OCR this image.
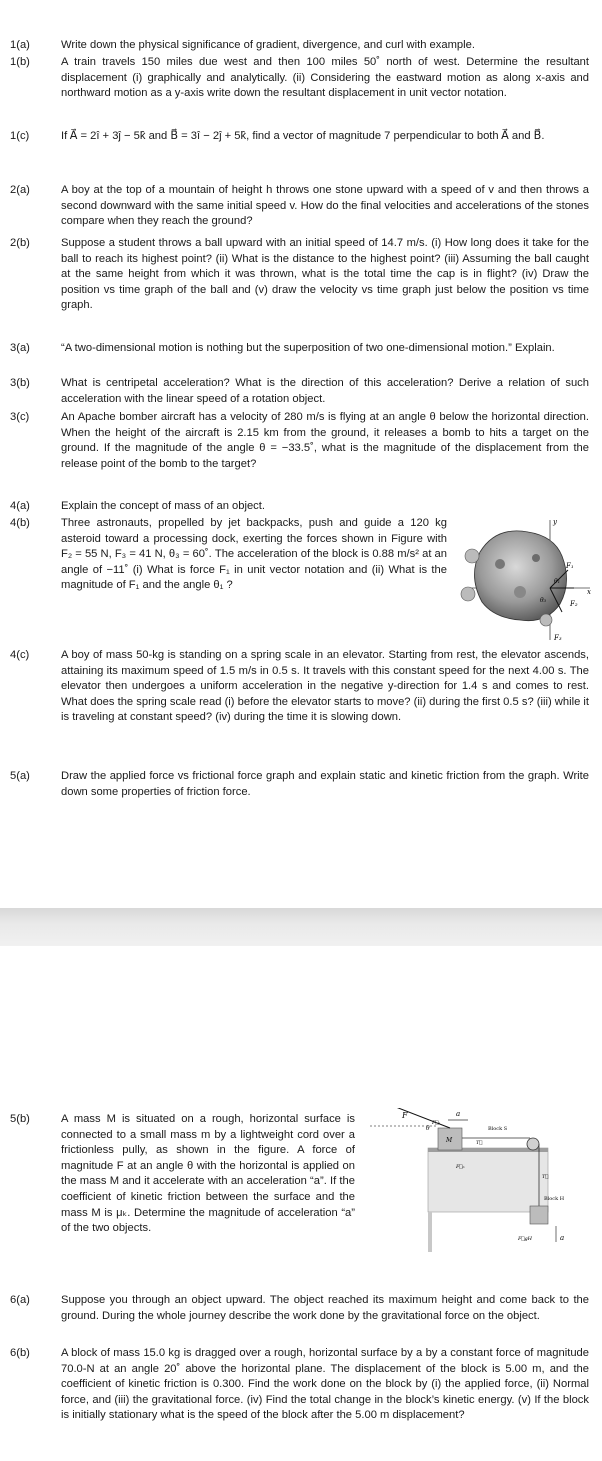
1(a)	Write down the physical significance of gradient, divergence, and curl with example.
1(b)	A train travels 150 miles due west and then 100 miles 50˚ north of west. Determine the resultant displacement (i) graphically and analytically. (ii) Considering the eastward motion as along x-axis and northward motion as a y-axis write down the resultant displacement in unit vector notation.
1(c)	If A⃗ = 2î + 3ĵ − 5k̂ and B⃗ = 3î − 2ĵ + 5k̂, find a vector of magnitude 7 perpendicular to both A⃗ and B⃗.
2(a)	A boy at the top of a mountain of height h throws one stone upward with a speed of v and then throws a second downward with the same initial speed v. How do the final velocities and accelerations of the stones compare when they reach the ground?
2(b)	Suppose a student throws a ball upward with an initial speed of 14.7 m/s. (i) How long does it take for the ball to reach its highest point? (ii) What is the distance to the highest point? (iii) Assuming the ball caught at the same height from which it was thrown, what is the total time the cap is in flight? (iv) Draw the position vs time graph of the ball and (v) draw the velocity vs time graph just below the position vs time graph.
3(a)	“A two-dimensional motion is nothing but the superposition of two one-dimensional motion.” Explain.
3(b)	What is centripetal acceleration? What is the direction of this acceleration? Derive a relation of such acceleration with the linear speed of a rotation object.
3(c)	An Apache bomber aircraft has a velocity of 280 m/s is flying at an angle θ below the horizontal direction. When the height of the aircraft is 2.15 km from the ground, it releases a bomb to hits a target on the ground. If the magnitude of the angle θ = −33.5˚, what is the magnitude of the displacement from the release point of the bomb to the target?
4(a)	Explain the concept of mass of an object.
4(b)	Three astronauts, propelled by jet backpacks, push and guide a 120 kg asteroid toward a processing dock, exerting the forces shown in Figure with F₂ = 55 N, F₃ = 41 N, θ₃ = 60˚. The acceleration of the block is 0.88 m/s² at an angle of −11˚ (i) What is force F₁ in unit vector notation and (ii) What is the magnitude of F₁ and the angle θ₁ ?
y
x
F₁
F₂
F₃
θ₁
θ₃
4(c)	A boy of mass 50-kg is standing on a spring scale in an elevator. Starting from rest, the elevator ascends, attaining its maximum speed of 1.5 m/s in 0.5 s. It travels with this constant speed for the next 4.00 s. The elevator then undergoes a uniform acceleration in the negative y-direction for 1.4 s and comes to rest. What does the spring scale read (i) before the elevator starts to move? (ii) during the first 0.5 s? (iii) while it is traveling at constant speed? (iv) during the time it is slowing down.
5(a)	Draw the applied force vs frictional force graph and explain static and kinetic friction from the graph. Write down some properties of friction force.
5(b)	A mass M is situated on a rough, horizontal surface is connected to a small mass m by a lightweight cord over a frictionless pully, as shown in the figure. A force of magnitude F at an angle θ with the horizontal is applied on the mass M and it accelerate with an acceleration “a”. If the coefficient of kinetic friction between the surface and the mass M is μₖ. Determine the magnitude of acceleration “a” of the two objects.
F	a
a
M
θ	Block S
Block H
T⃗
T⃗
F⃗ₛ
F⃗ₙ
F⃗gH
6(a)	Suppose you through an object upward. The object reached its maximum height and come back to the ground. During the whole journey describe the work done by the gravitational force on the object.
6(b)	A block of mass 15.0 kg is dragged over a rough, horizontal surface by a by a constant force of magnitude 70.0-N at an angle 20˚ above the horizontal plane. The displacement of the block is 5.00 m, and the coefficient of kinetic friction is 0.300. Find the work done on the block by (i) the applied force, (ii) Normal force, and (iii) the gravitational force. (iv) Find the total change in the block’s kinetic energy. (v) If the block is initially stationary what is the speed of the block after the 5.00 m displacement?
